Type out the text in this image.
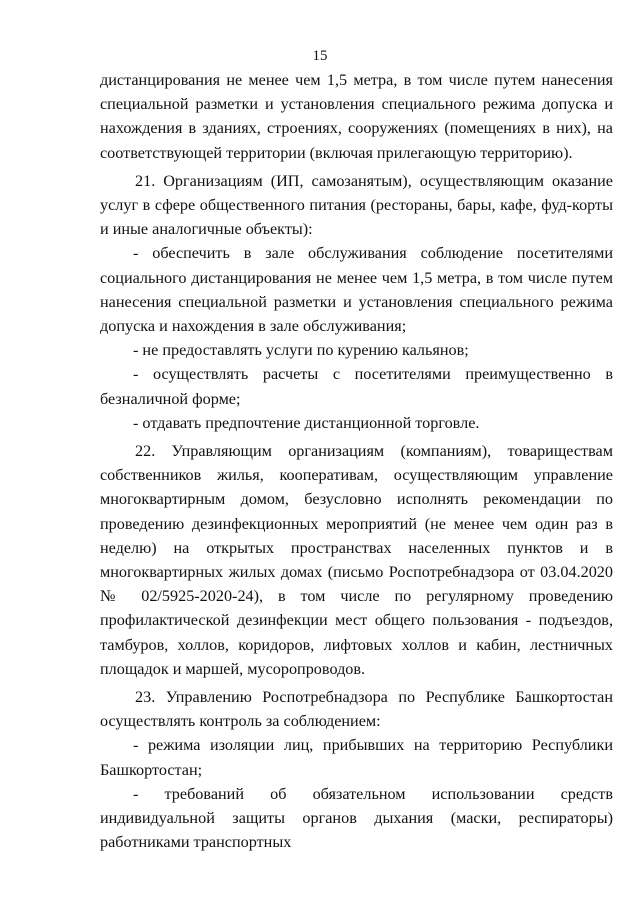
15

дистанцирования не менее чем 1,5 метра, в том числе путем нанесения специальной разметки и установления специального режима допуска и нахождения в зданиях, строениях, сооружениях (помещениях в них), на соответствующей территории (включая прилегающую территорию).

21. Организациям (ИП, самозанятым), осуществляющим оказание услуг в сфере общественного питания (рестораны, бары, кафе, фуд-корты и иные аналогичные объекты):

- обеспечить в зале обслуживания соблюдение посетителями социального дистанцирования не менее чем 1,5 метра, в том числе путем нанесения специальной разметки и установления специального режима допуска и нахождения в зале обслуживания;

- не предоставлять услуги по курению кальянов;

- осуществлять расчеты с посетителями преимущественно в безналичной форме;

- отдавать предпочтение дистанционной торговле.

22. Управляющим организациям (компаниям), товариществам собственников жилья, кооперативам, осуществляющим управление многоквартирным домом, безусловно исполнять рекомендации по проведению дезинфекционных мероприятий (не менее чем один раз в неделю) на открытых пространствах населенных пунктов и в многоквартирных жилых домах (письмо Роспотребнадзора от 03.04.2020 № 02/5925-2020-24), в том числе по регулярному проведению профилактической дезинфекции мест общего пользования - подъездов, тамбуров, холлов, коридоров, лифтовых холлов и кабин, лестничных площадок и маршей, мусоропроводов.

23. Управлению Роспотребнадзора по Республике Башкортостан осуществлять контроль за соблюдением:

- режима изоляции лиц, прибывших на территорию Республики Башкортостан;

- требований об обязательном использовании средств индивидуальной защиты органов дыхания (маски, респираторы) работниками транспортных
